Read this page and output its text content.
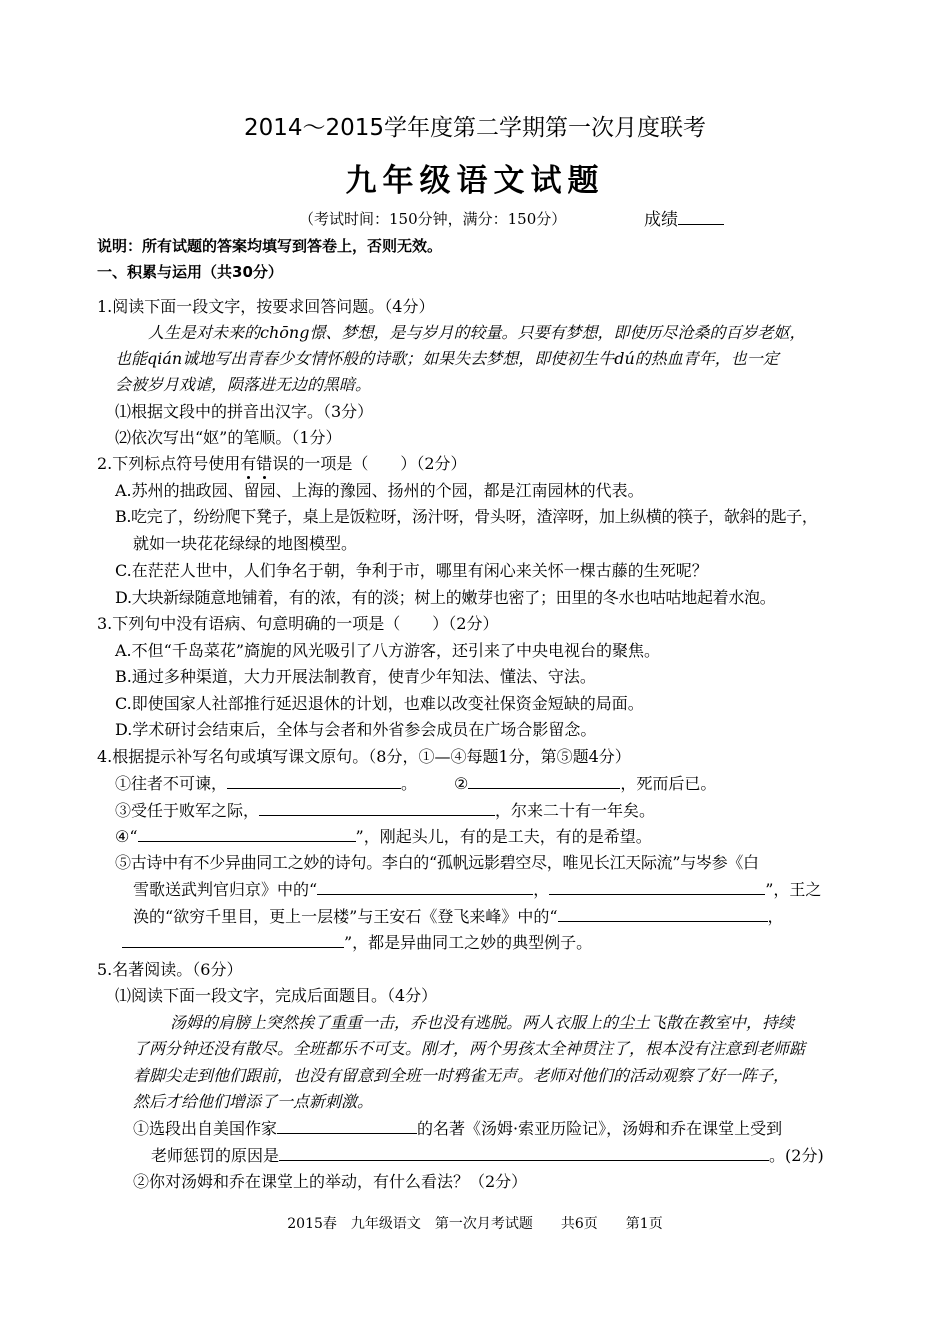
2014～2015学年度第二学期第一次月度联考
九年级语文试题
（考试时间：150分钟，满分：150分）	成绩
说明：所有试题的答案均填写到答卷上，否则无效。
一、积累与运用（共30分）
1.阅读下面一段文字，按要求回答问题。（4分）
人生是对未来的chōng憬、梦想，是与岁月的较量。只要有梦想，即使历尽沧桑的百岁老妪，
也能qián诚地写出青春少女情怀般的诗歌；如果失去梦想，即使初生牛dú的热血青年，也一定
会被岁月戏谑，陨落进无边的黑暗。
⑴根据文段中的拼音出汉字。（3分）
⑵依次写出“妪”的笔顺。（1分）
2.下列标点符号使用有错误的一项是（　　）（2分）
A.苏州的拙政园、留园、上海的豫园、扬州的个园，都是江南园林的代表。
B.吃完了，纷纷爬下凳子，桌上是饭粒呀，汤汁呀，骨头呀，渣滓呀，加上纵横的筷子，欹斜的匙子，
就如一块花花绿绿的地图模型。
C.在茫茫人世中，人们争名于朝，争利于市，哪里有闲心来关怀一棵古藤的生死呢？
D.大块新绿随意地铺着，有的浓，有的淡；树上的嫩芽也密了；田里的冬水也咕咕地起着水泡。
3.下列句中没有语病、句意明确的一项是（　　）（2分）
A.不但“千岛菜花”旖旎的风光吸引了八方游客，还引来了中央电视台的聚焦。
B.通过多种渠道，大力开展法制教育，使青少年知法、懂法、守法。
C.即使国家人社部推行延迟退休的计划，也难以改变社保资金短缺的局面。
D.学术研讨会结束后，全体与会者和外省参会成员在广场合影留念。
4.根据提示补写名句或填写课文原句。（8分，①—④每题1分，第⑤题4分）
①往者不可谏，	。 ②	，死而后已。
③受任于败军之际，	，尔来二十有一年矣。
④“	”，刚起头儿，有的是工夫，有的是希望。
⑤古诗中有不少异曲同工之妙的诗句。李白的“孤帆远影碧空尽，唯见长江天际流”与岑参《白
雪歌送武判官归京》中的“	，	”，王之
涣的“欲穷千里目，更上一层楼”与王安石《登飞来峰》中的“	，
”，都是异曲同工之妙的典型例子。
5.名著阅读。（6分）
⑴阅读下面一段文字，完成后面题目。（4分）
汤姆的肩膀上突然挨了重重一击，乔也没有逃脱。两人衣服上的尘土飞散在教室中，持续
了两分钟还没有散尽。全班都乐不可支。刚才，两个男孩太全神贯注了，根本没有注意到老师踮
着脚尖走到他们跟前，也没有留意到全班一时鸦雀无声。老师对他们的活动观察了好一阵子，
然后才给他们增添了一点新刺激。
①选段出自美国作家	的名著《汤姆·索亚历险记》，汤姆和乔在课堂上受到
老师惩罚的原因是	。(2分)
②你对汤姆和乔在课堂上的举动，有什么看法？（2分）
2015春　九年级语文　第一次月考试题　　共6页　　第1页
